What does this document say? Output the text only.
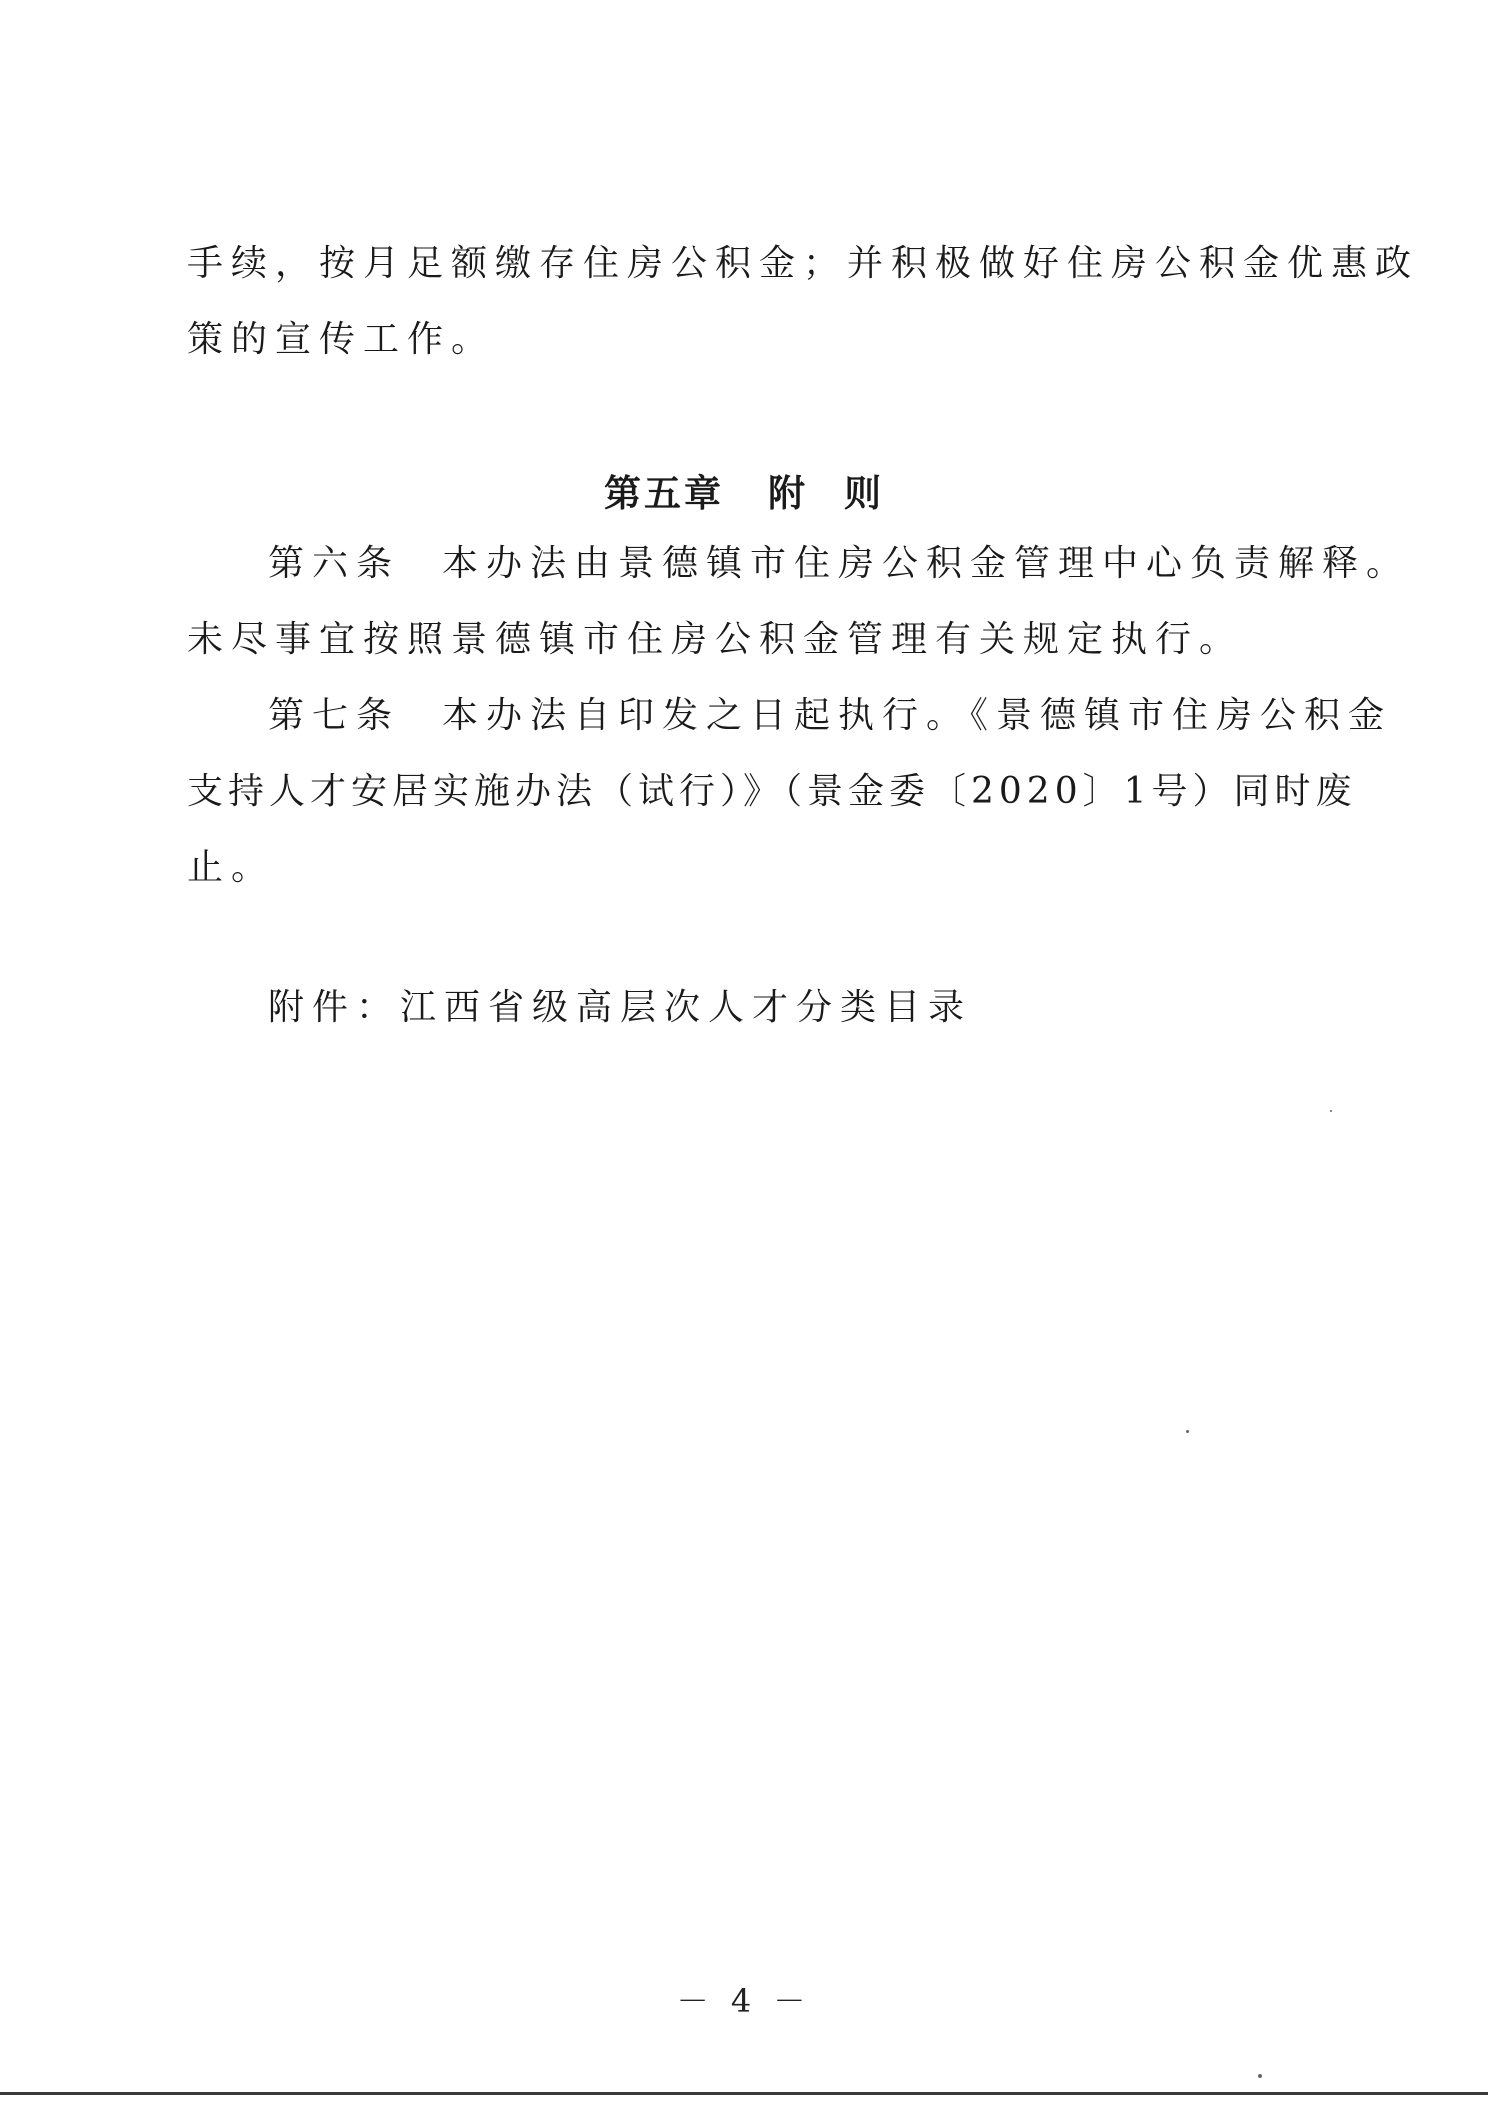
手续，按月足额缴存住房公积金；并积极做好住房公积金优惠政
策的宣传工作。
第五章 附 则
第六条 本办法由景德镇市住房公积金管理中心负责解释。
未尽事宜按照景德镇市住房公积金管理有关规定执行。
第七条 本办法自印发之日起执行。《景德镇市住房公积金
支持人才安居实施办法（试行）》（景金委〔2020〕1号）同时废
止。
附件：江西省级高层次人才分类目录
－ 4 －
